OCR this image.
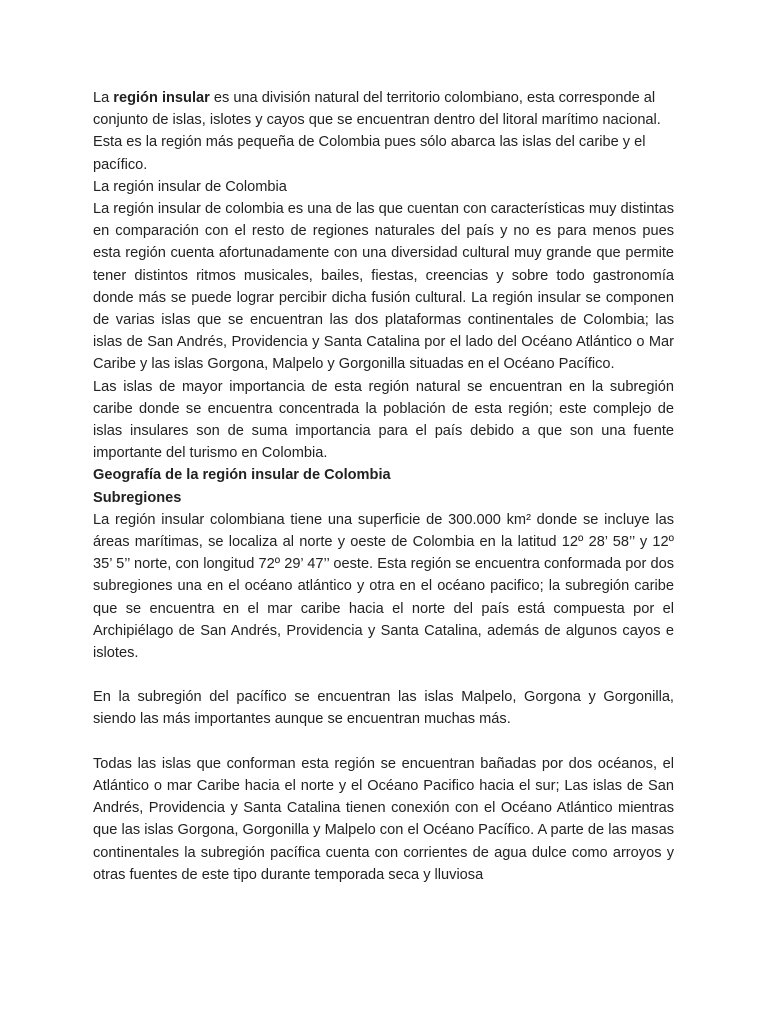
La región insular es una división natural del territorio colombiano, esta corresponde al conjunto de islas, islotes y cayos que se encuentran dentro del litoral marítimo nacional. Esta es la región más pequeña de Colombia pues sólo abarca las islas del caribe y el pacífico.

La región insular de Colombia

La región insular de colombia es una de las que cuentan con características muy distintas en comparación con el resto de regiones naturales del país y no es para menos pues esta región cuenta afortunadamente con una diversidad cultural muy grande que permite tener distintos ritmos musicales, bailes, fiestas, creencias y sobre todo gastronomía donde más se puede lograr percibir dicha fusión cultural. La región insular se componen de varias islas que se encuentran las dos plataformas continentales de Colombia; las islas de San Andrés, Providencia y Santa Catalina por el lado del Océano Atlántico o Mar Caribe y las islas Gorgona, Malpelo y Gorgonilla situadas en el Océano Pacífico.

Las islas de mayor importancia de esta región natural se encuentran en la subregión caribe donde se encuentra concentrada la población de esta región; este complejo de islas insulares son de suma importancia para el país debido a que son una fuente importante del turismo en Colombia.

Geografía de la región insular de Colombia

Subregiones

La región insular colombiana tiene una superficie de 300.000 km² donde se incluye las áreas marítimas, se localiza al norte y oeste de Colombia en la latitud 12º 28’ 58’’ y 12º 35’ 5’’ norte, con longitud 72º 29’ 47’’ oeste. Esta región se encuentra conformada por dos subregiones una en el océano atlántico y otra en el océano pacifico; la subregión caribe que se encuentra en el mar caribe hacia el norte del país está compuesta por el Archipiélago de San Andrés, Providencia y Santa Catalina, además de algunos cayos e islotes.

En la subregión del pacífico se encuentran las islas Malpelo, Gorgona y Gorgonilla, siendo las más importantes aunque se encuentran muchas más.

Todas las islas que conforman esta región se encuentran bañadas por dos océanos, el Atlántico o mar Caribe hacia el norte y el Océano Pacifico hacia el sur; Las islas de San Andrés, Providencia y Santa Catalina tienen conexión con el Océano Atlántico mientras que las islas Gorgona, Gorgonilla y Malpelo con el Océano Pacífico. A parte de las masas continentales la subregión pacífica cuenta con corrientes de agua dulce como arroyos y otras fuentes de este tipo durante temporada seca y lluviosa
